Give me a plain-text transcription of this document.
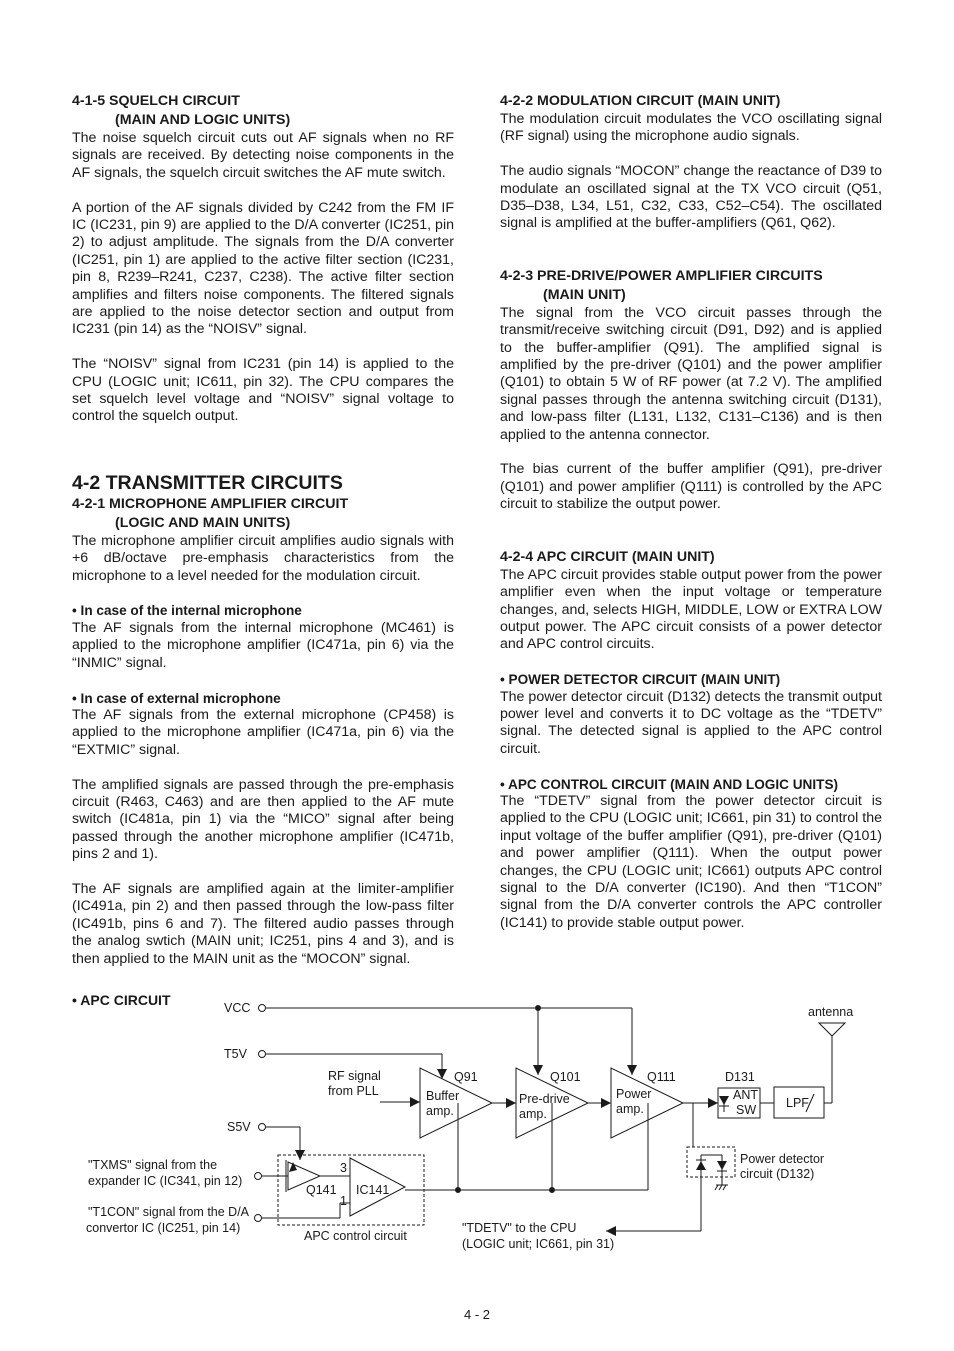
4-1-5 SQUELCH CIRCUIT
(MAIN AND LOGIC UNITS)

The noise squelch circuit cuts out AF signals when no RF signals are received. By detecting noise components in the AF signals, the squelch circuit switches the AF mute switch.

A portion of the AF signals divided by C242 from the FM IF IC (IC231, pin 9) are applied to the D/A converter (IC251, pin 2) to adjust amplitude. The signals from the D/A converter (IC251, pin 1) are applied to the active filter section (IC231, pin 8, R239–R241, C237, C238). The active filter section amplifies and filters noise components. The filtered signals are applied to the noise detector section and output from IC231 (pin 14) as the “NOISV” signal.

The “NOISV” signal from IC231 (pin 14) is applied to the CPU (LOGIC unit; IC611, pin 32). The CPU compares the set squelch level voltage and “NOISV” signal voltage to control the squelch output.

4-2 TRANSMITTER CIRCUITS
4-2-1 MICROPHONE AMPLIFIER CIRCUIT
(LOGIC AND MAIN UNITS)

The microphone amplifier circuit amplifies audio signals with +6 dB/octave pre-emphasis characteristics from the microphone to a level needed for the modulation circuit.

• In case of the internal microphone

The AF signals from the internal microphone (MC461) is applied to the microphone amplifier (IC471a, pin 6) via the “INMIC” signal.

• In case of external microphone

The AF signals from the external microphone (CP458) is applied to the microphone amplifier (IC471a, pin 6) via the “EXTMIC” signal.

The amplified signals are passed through the pre-emphasis circuit (R463, C463) and are then applied to the AF mute switch (IC481a, pin 1) via the “MICO” signal after being passed through the another microphone amplifier (IC471b, pins 2 and 1).

The AF signals are amplified again at the limiter-amplifier (IC491a, pin 2) and then passed through the low-pass filter (IC491b, pins 6 and 7). The filtered audio passes through the analog swtich (MAIN unit; IC251, pins 4 and 3), and is then applied to the MAIN unit as the “MOCON” signal.

4-2-2 MODULATION CIRCUIT (MAIN UNIT)

The modulation circuit modulates the VCO oscillating signal (RF signal) using the microphone audio signals.

The audio signals “MOCON” change the reactance of D39 to modulate an oscillated signal at the TX VCO circuit (Q51, D35–D38, L34, L51, C32, C33, C52–C54). The oscillated signal is amplified at the buffer-amplifiers (Q61, Q62).

4-2-3 PRE-DRIVE/POWER AMPLIFIER CIRCUITS
(MAIN UNIT)

The signal from the VCO circuit passes through the transmit/receive switching circuit (D91, D92) and is applied to the buffer-amplifier (Q91). The amplified signal is amplified by the pre-driver (Q101) and the power amplifier (Q101) to obtain 5 W of RF power (at 7.2 V). The amplified signal passes through the antenna switching circuit (D131), and low-pass filter (L131, L132, C131–C136) and is then applied to the antenna connector.

The bias current of the buffer amplifier (Q91), pre-driver (Q101) and power amplifier (Q111) is controlled by the APC circuit to stabilize the output power.

4-2-4 APC CIRCUIT (MAIN UNIT)

The APC circuit provides stable output power from the power amplifier even when the input voltage or temperature changes, and, selects HIGH, MIDDLE, LOW or EXTRA LOW output power. The APC circuit consists of a power detector and APC control circuits.

• POWER DETECTOR CIRCUIT (MAIN UNIT)

The power detector circuit (D132) detects the transmit output power level and converts it to DC voltage as the “TDETV” signal. The detected signal is applied to the APC control circuit.

• APC CONTROL CIRCUIT (MAIN AND LOGIC UNITS)

The “TDETV” signal from the power detector circuit is applied to the CPU (LOGIC unit; IC661, pin 31) to control the input voltage of the buffer amplifier (Q91), pre-driver (Q101) and power amplifier (Q111). When the output power changes, the CPU (LOGIC unit; IC661) outputs APC control signal to the D/A converter (IC190). And then “T1CON” signal from the D/A converter controls the APC controller (IC141) to provide stable output power.

• APC CIRCUIT	VCC
T5V
S5V
antenna
RF signal
from PLL
Q91	Q101	Q111	D131
Buffer
amp.
Pre-drive
amp.
Power
amp.
ANT
SW LPF
Power detector
circuit (D132)
"TXMS" signal from the
expander IC (IC341, pin 12)
"T1CON" signal from the D/A
convertor IC (IC251, pin 14)
Q141 IC141
3
1
APC control circuit
"TDETV" to the CPU
(LOGIC unit; IC661, pin 31)
4 - 2
